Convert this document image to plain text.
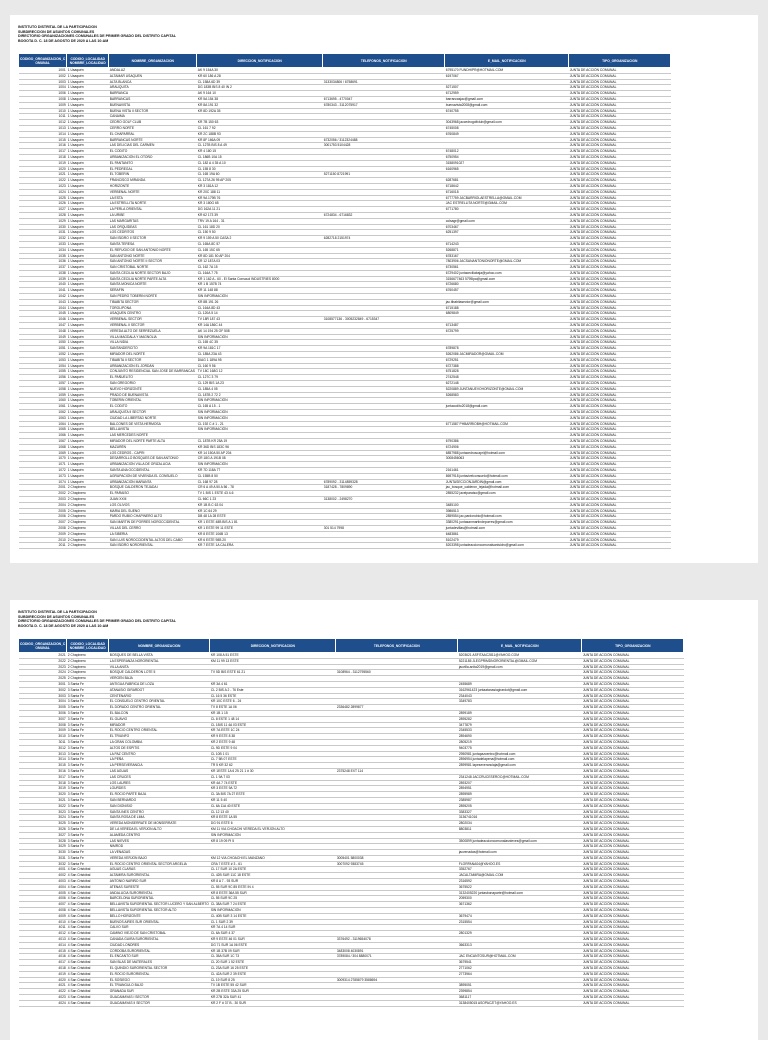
INSTITUTO DISTRITAL DE LA PARTICIPACION
SUBDIRECCION DE ASUNTOS COMUNALES
DIRECTORIO ORGANIZACIONES COMUNALES DE PRIMER GRADO DEL DISTRITO CAPITAL
BOGOTA D. C. 18 DE AGOSTO DE 2020 A LAS 10:AM
CODIGO_ORGANIZACION_C OMUNAL	CODIGO_LOCALIDAD NOMBRE_LOCALIDAD	NOMBRE_ORGANIZACION	DIRECCION_NOTIFICACION	TELEFONOS_NOTIFICACION	E_MAIL_NOTIFICACION	TIPO_ORGANIZACION
1001	1 Usaquén	ANDALUZ	AK 9 154A 30		6795170 FUNDHIPR@HOTMAIL.COM	JUNTA DE ACCIÓN COMUNAL
1002	1 Usaquén	ALTAMAR USAQUEN	KR 60 186 A 28		6197067	JUNTA DE ACCIÓN COMUNAL
1003	1 Usaquén	ALTA BLANCA	CL 158A 6D 39	3133034806 / 6758691		JUNTA DE ACCIÓN COMUNAL
1004	1 Usaquén	ARAUQUITA	DG 183B BIS 8 40 IN 2		5271507	JUNTA DE ACCIÓN COMUNAL
1006	1 Usaquén	BARRANCA	AK 9 164 10		6712959	JUNTA DE ACCIÓN COMUNAL
1008	1 Usaquén	BARRANCAS	KR 5A 154 38	6713695 - 4770047	barrancasjac@gmail.com	JUNTA DE ACCIÓN COMUNAL
1009	1 Usaquén	BUENAVISTA	KR 8A 191 32	6780343 - 3112075917	buenavista2008@gmail.com	JUNTA DE ACCIÓN COMUNAL
1010	1 Usaquén	BUENA VISTA II SECTOR	KR 8D 192A 35		6740755	JUNTA DE ACCIÓN COMUNAL
1011	1 Usaquén	CANAIMA				JUNTA DE ACCIÓN COMUNAL
1012	1 Usaquén	CEDRO GOLF CLUB	KR 7B 150 63		3043968 jaccedrogolfclub@gmail.com	JUNTA DE ACCIÓN COMUNAL
1013	1 Usaquén	CERRO NORTE	CL 161 7 92		6745008	JUNTA DE ACCIÓN COMUNAL
1014	1 Usaquén	EL CHAPARRAL	KR 2C 188B 93		6760849	JUNTA DE ACCIÓN COMUNAL
1015	1 Usaquén	BARRANCAS NORTE	KR 8F 166A 09	6732056 / 3112324488		JUNTA DE ACCIÓN COMUNAL
1016	1 Usaquén	LAS DELICIAS DEL CARMEN	CL 127B BIS 8 A 49	3001753 5104428		JUNTA DE ACCIÓN COMUNAL
1017	1 Usaquén	EL CODITO	KR 4 180 15		6748012	JUNTA DE ACCIÓN COMUNAL
1018	1 Usaquén	URBANIZACIÓN EL OTOÑO	CL 186B 10A 15		6750954	JUNTA DE ACCIÓN COMUNAL
1019	1 Usaquén	EL PANTANITO	CL 182 A 4 35 A 10		3158091027	JUNTA DE ACCIÓN COMUNAL
1020	1 Usaquén	EL PEDREGAL	CL 155 8 30		6160965	JUNTA DE ACCIÓN COMUNAL
1021	1 Usaquén	EL TOBERIN	CL 165 19A 60	5271150 8721991		JUNTA DE ACCIÓN COMUNAL
1022	1 Usaquén	FRANCISCO MIRANDA	CL 127A 26 95 AP 205		6287681	JUNTA DE ACCIÓN COMUNAL
1023	1 Usaquén	HORIZONTE	KR 3 181A 12		6718642	JUNTA DE ACCIÓN COMUNAL
1024	1 Usaquén	VERBENAL NORTE	KR 20C 188 11		6716018	JUNTA DE ACCIÓN COMUNAL
1025	1 Usaquén	LA ESTA	KR 9A 179B 76		6777759 JACBARRIOLAESTRELLA@GMAIL.COM	JUNTA DE ACCIÓN COMUNAL
1026	1 Usaquén	LA ESTRELLITA NORTE	KR 3 180G 65		JAC ESTRELLITA NORTE@GMAIL.COM	JUNTA DE ACCIÓN COMUNAL
1027	1 Usaquén	LA PERLA ORIENTAL	DG 162A 11 21		6771780	JUNTA DE ACCIÓN COMUNAL
1028	1 Usaquén	LA URIBE	KR 62 173 39	6724834 - 6716832		JUNTA DE ACCIÓN COMUNAL
1029	1 Usaquén	LAS MARGARITAS	TRV 19 A 164 - 31		colsagr@gmail.com	JUNTA DE ACCIÓN COMUNAL
1030	1 Usaquén	LAS ORQUÍDEAS	CL 161 18D 20		6703467	JUNTA DE ACCIÓN COMUNAL
1031	1 Usaquén	LOS CEDRITOS	CL 150 9 50		6251397	JUNTA DE ACCIÓN COMUNAL
1032	1 Usaquén	SAN ISIDRO II SECTOR	KR 9 159 A 50 CASA 2	6282718 2151974		JUNTA DE ACCIÓN COMUNAL
1033	1 Usaquén	SANTA TERESA	CL 165A 8C 57		6714243	JUNTA DE ACCIÓN COMUNAL
1034	1 Usaquén	EL REFUGIO DE SAN ANTONIO NORTE	CL 165 15C 65		5268871	JUNTA DE ACCIÓN COMUNAL
1035	1 Usaquén	SAN ANTONIO NORTE	KR 8D 181 50 AP 204		6783167	JUNTA DE ACCIÓN COMUNAL
1036	1 Usaquén	SAN ANTONIO NORTE II SECTOR	KR 12 187A 03		7803906 JACSANANTONIONORTE@GMAIL.COM	JUNTA DE ACCIÓN COMUNAL
1037	1 Usaquén	SAN CRISTOBAL NORTE	CL 162 7A 15		6730561	JUNTA DE ACCIÓN COMUNAL
1038	1 Usaquén	SANTA CECILIA NORTE SECTOR BAJO	CL 164A 7 75		6729402 juntaceciliabaja@yahoo.com	JUNTA DE ACCIÓN COMUNAL
1039	1 Usaquén	SANTA CECILIA NORTE PARTE ALTA	KR 1 162 A - 60 - El Santa Conscud INDUSTRIES 8000		3156677463 5795lpa@gmail.com	JUNTA DE ACCIÓN COMUNAL
1040	1 Usaquén	SANTA MONICA NORTE	KR 1 B 157B 74		6726680	JUNTA DE ACCIÓN COMUNAL
1041	1 Usaquén	SERAFÍN	KR 11 148 88		6760457	JUNTA DE ACCIÓN COMUNAL
1042	1 Usaquén	SAN PEDRO TOBERIN NORTE	SIN INFORMACIÓN			JUNTA DE ACCIÓN COMUNAL
1043	1 Usaquén	TIBABITA SECTOR	KR 8B 191 26		jac.tibabitasector@gmail.com	JUNTA DE ACCIÓN COMUNAL
1044	1 Usaquén	TOROLIPONA	CL 164A 8D 43		6715188	JUNTA DE ACCIÓN COMUNAL
1045	1 Usaquén	USAQUEN CENTRO	CL 120A 5 14		6809849	JUNTA DE ACCIÓN COMUNAL
1046	1 Usaquén	VERBENAL SECTOR	TV 18R 187 43	3108577136 - 3005232849 - 6715347		JUNTA DE ACCIÓN COMUNAL
1047	1 Usaquén	VERBENAL II SECTOR	KR 14A 186C 44		6713487	JUNTA DE ACCIÓN COMUNAL
1048	1 Usaquén	VEREDA ALTO DE SERREZUELA	AK 14 194 25 OF 508		6725799	JUNTA DE ACCIÓN COMUNAL
1049	1 Usaquén	VILLA MAGDALA Y MAGNOLIA	SIN INFORMACIÓN			JUNTA DE ACCIÓN COMUNAL
1050	1 Usaquén	VILLA NIDIA	CL 165 4C 35			JUNTA DE ACCIÓN COMUNAL
1051	1 Usaquén	SANTANDERCITO	KR 9A 181C 17		6789878	JUNTA DE ACCIÓN COMUNAL
1052	1 Usaquén	MIRADOR DEL NORTE	CL 185A 23A 43		5262086 JACMIRADOR@GMAIL.COM	JUNTA DE ACCIÓN COMUNAL
1053	1 Usaquén	TIBABITA II SECTOR	DIAG 1 189A 95		6729251	JUNTA DE ACCIÓN COMUNAL
1054	1 Usaquén	URBANIZACIÓN EL JORDÁN	CL 160 9 56		6727388	JUNTA DE ACCIÓN COMUNAL
1055	1 Usaquén	CONJUNTO RESIDENCIAL SAN JOSE DE BARRANCAS	TV 18C 168G 12		6751828	JUNTA DE ACCIÓN COMUNAL
1056	1 Usaquén	EL PAÑUELITO	CL 127C 3 79		2742548	JUNTA DE ACCIÓN COMUNAL
1057	1 Usaquén	SAN GREGORIO	CL 129 BIS 1A 23		6272148	JUNTA DE ACCIÓN COMUNAL
1058	1 Usaquén	NUEVO HORIZONTE	CL 185A 4 05		5220889 JUNTANUEVOHORIZONTE@GMAIL.COM	JUNTA DE ACCIÓN COMUNAL
1059	1 Usaquén	PRADO DE BUENAVISTA	CL 187B 2 72 2		5268583	JUNTA DE ACCIÓN COMUNAL
1060	1 Usaquén	TOBERIN ORIENTAL	SIN INFORMACIÓN			JUNTA DE ACCIÓN COMUNAL
1061	1 Usaquén	EL CODITO	CL 165 A 15 - 1		juntacodito2018@gmail.com	JUNTA DE ACCIÓN COMUNAL
1062	1 Usaquén	ARAUQUITA II SECTOR	SIN INFORMACIÓN			JUNTA DE ACCIÓN COMUNAL
1063	1 Usaquén	CIUDAD LA LIBERTAD NORTE	SIN INFORMACIÓN			JUNTA DE ACCIÓN COMUNAL
1064	1 Usaquén	BALCONES DE VISTA HERMOSA	CL 192 C # 1 - 21		6771587 PHBARRIOBH@HOTMAIL.COM	JUNTA DE ACCIÓN COMUNAL
1065	1 Usaquén	BELLAVISTA	SIN INFORMACIÓN			JUNTA DE ACCIÓN COMUNAL
1066	1 Usaquén	LAS MERCEDES NORTE				JUNTA DE ACCIÓN COMUNAL
1067	1 Usaquén	MIRADOR DEL NORTE PARTE ALTA	CL 187B KR 25A 19		6790386	JUNTA DE ACCIÓN COMUNAL
1068	1 Usaquén	MAZURÉN	KR 36D BIS 183C 96		6724906	JUNTA DE ACCIÓN COMUNAL
1069	1 Usaquén	LOS CEDROS - CAPRI	KR 14 150A 50 AP 204		6857988 juntacedroscapri@hotmail.com	JUNTA DE ACCIÓN COMUNAL
1070	1 Usaquén	DESARROLLO BOSQUES DE SAN ANTONIO	CR 18G A 191B 08		3008456063	JUNTA DE ACCIÓN COMUNAL
1071	1 Usaquén	URBANIZACION VILLA DE ORIZALUCIA	SIN INFORMACIÓN			JUNTA DE ACCIÓN COMUNAL
1072	1 Usaquén	SANTA ANA OCCIDENTAL	KR 7D 118A 77		2161461	JUNTA DE ACCIÓN COMUNAL
1073	1 Usaquén	AGRUPACION DE VIVIENDA EL CONSUELO	CL 155B 8 50		8697918 juntavivelconsuelo@hotmail.com	JUNTA DE ACCIÓN COMUNAL
1074	1 Usaquén	URBANIZACIÓN MARANTA	CL 168 97 28	6789092 - 3114859328	JUNTASECCIONJARDIN@gmail.com	JUNTA DE ACCIÓN COMUNAL
2001	2 Chapinero	BOSQUE CALDERON TEJADA I	CR 6 A 49 A 50 A 56 - 78	3187428 - 7809890	jac_bosque_calderon_tejada@hotmail.com	JUNTA DE ACCIÓN COMUNAL
2002	2 Chapinero	EL PARAISO	TV 1 BIS 1 ESTE 43 4-6		2855232 jacelparaiso@gmail.com	JUNTA DE ACCIÓN COMUNAL
2003	2 Chapinero	JUAN XXIII	CL 66C 1 23	3138002 - 2498270		JUNTA DE ACCIÓN COMUNAL
2004	2 Chapinero	LOS OLIVOS	KR 1B B C 63 04		3485100	JUNTA DE ACCIÓN COMUNAL
2005	2 Chapinero	MARIA DEL SUENO	KR 1C 64 29		3986513	JUNTA DE ACCIÓN COMUNAL
2006	2 Chapinero	PARDO RUBIO CHAPINERO ALTO	DB 48 1A 28 ESTE		2859554 jac.pardorubio@hotmail.com	JUNTA DE ACCIÓN COMUNAL
2007	2 Chapinero	SAN MARTIN DE PORRES NOROCCIDENTAL	KR 1 ESTE 48B BIS A 1 81		3380291 juntasanmartindeporres@gmail.com	JUNTA DE ACCIÓN COMUNAL
2008	2 Chapinero	VILLAS DEL CERRO	KR 1 ESTE 99 11 ESTE	301 514 7998	juntadevillas@hotmail.com	JUNTA DE ACCIÓN COMUNAL
2009	2 Chapinero	LA SIBERIA	KR 8 ESTE 106B 13		6483861	JUNTA DE ACCIÓN COMUNAL
2010	2 Chapinero	SAN LUIS NOROCCIDENTAL ALTOS DEL CABO	KR 6 ESTE 98B 20		5102479	JUNTA DE ACCIÓN COMUNAL
2011	2 Chapinero	SAN ISIDRO NORORIENTAL	KR 7 ESTE 1A CALERA		5203398 juntadeaccioncomunalsanisidro@gmail.com	JUNTA DE ACCIÓN COMUNAL
INSTITUTO DISTRITAL DE LA PARTICIPACION
SUBDIRECCION DE ASUNTOS COMUNALES
DIRECTORIO ORGANIZACIONES COMUNALES DE PRIMER GRADO DEL DISTRITO CAPITAL
BOGOTA D. C. 18 DE AGOSTO DE 2020 A LAS 10:AM
CODIGO_ORGANIZACION_C OMUNAL	CODIGO_LOCALIDAD NOMBRE_LOCALIDAD	NOMBRE_ORGANIZACION	DIRECCION_NOTIFICACION	TELEFONOS_NOTIFICACION	E_MAIL_NOTIFICACION	TIPO_ORGANIZACION
2021	2 Chapinero	BOSQUES DE BELLA VISTA	KR 108 A 51 ESTE		5203621 ASFITAAC2811@YAHOO.COM	JUNTA DE ACCIÓN COMUNAL
2022	2 Chapinero	LA ESPERANZA NORORIENTAL	KM 11 99 13 ESTE		5221185 JLEGPRIMDNORORIENTAL@GMAIL.COM	JUNTA DE ACCIÓN COMUNAL
2023	2 Chapinero	VILLA ANITA			jacvilla.anita2019@gmail.com	JUNTA DE ACCIÓN COMUNAL
2024	2 Chapinero	BOSQUE CALDERON LOTE 5	TV 5D BIS ESTE 61 21	3108964 - 3112795560		JUNTA DE ACCIÓN COMUNAL
2025	2 Chapinero	VERGEN BAJA				JUNTA DE ACCIÓN COMUNAL
3001	3 Santa Fe	ANTIGUA FABRICA DE LOZA	KR 3A 4 61		2455689	JUNTA DE ACCIÓN COMUNAL
3002	3 Santa Fe	ATANASIO GIRARDOT	CL 2 BIS A 2 - 76 Este		3162961423 juntaatanasiogirardot@gmail.com	JUNTA DE ACCIÓN COMUNAL
3003	3 Santa Fe	CENTENARIO	CL 16 5 36 ESTE		2344043	JUNTA DE ACCIÓN COMUNAL
3004	3 Santa Fe	EL CONSUELO CENTRO ORIENTAL	KR 10C ESTE 6 - 24		3349783	JUNTA DE ACCIÓN COMUNAL
3005	3 Santa Fe	EL DORADO CENTRO ORIENTAL	TV 8 ESTE 1A 06	2336482 2899877		JUNTA DE ACCIÓN COMUNAL
3006	3 Santa Fe	EL BALCON	KR 1B 1 15		2899189	JUNTA DE ACCIÓN COMUNAL
3007	3 Santa Fe	EL GUAVIO	CL 8 ESTE 1 48 14		2895282	JUNTA DE ACCIÓN COMUNAL
3008	3 Santa Fe	MIRADOR	CL 1BIS 11 4A 03 ESTE		3477879	JUNTA DE ACCIÓN COMUNAL
3009	3 Santa Fe	EL ROCIO CENTRO ORIENTAL	KR 7A ESTE 1C 24		2345533	JUNTA DE ACCIÓN COMUNAL
3010	3 Santa Fe	EL TRIUNFO	KR 9 ESTE 8 38		2894690	JUNTA DE ACCIÓN COMUNAL
3011	3 Santa Fe	LA GRAN COLOMBIA	KR 2 ESTE 9 48		2805219	JUNTA DE ACCIÓN COMUNAL
3012	3 Santa Fe	ALTOS DE ESPITIS	CL 9D ESTE 9 04		9403775	JUNTA DE ACCIÓN COMUNAL
3013	3 Santa Fe	LA PAZ CENTRO	CL 10B 1 01		2950981 juntapazcentro@hotmail.com	JUNTA DE ACCIÓN COMUNAL
3014	3 Santa Fe	LA PEÑA	CL 7 5B 07 ESTE		2896954 juntadelapena@hotmail.com	JUNTA DE ACCIÓN COMUNAL
3015	3 Santa Fe	LA PERSEVERANCIA	TR 5 KR 32 62		2899981 lapeseveranciaja@gmail.com	JUNTA DE ACCIÓN COMUNAL
3016	3 Santa Fe	LAS AGUAS	KR 1ESTE 1A 6 25 21 1 # 30	2375248 EXT 114		JUNTA DE ACCIÓN COMUNAL
3017	3 Santa Fe	LAS CRUCES	CL 1 9A 7 03		2341248 JACCRUCESEROC@HOTMAIL.COM	JUNTA DE ACCIÓN COMUNAL
3018	3 Santa Fe	LOS LAURES	KR 4A 7 74 ESTE		2893207	JUNTA DE ACCIÓN COMUNAL
3019	3 Santa Fe	LOURDES	KR 3 ESTE 9A 72		2894951	JUNTA DE ACCIÓN COMUNAL
3020	3 Santa Fe	EL ROCIO PARTE BAJA	CL 3A BIS 7A 27 ESTE		2895989	JUNTA DE ACCIÓN COMUNAL
3021	3 Santa Fe	SAN BERNARDO	KR 11 5 40		2385987	JUNTA DE ACCIÓN COMUNAL
3022	3 Santa Fe	SAN DIONISIO	CL 6A 11A 40 ESTE		2895205	JUNTA DE ACCIÓN COMUNAL
3023	3 Santa Fe	SANTA INES CENTRO	CL 12 13 40		3383327	JUNTA DE ACCIÓN COMUNAL
3024	3 Santa Fe	SANTA ROSA DE LIMA	KR 8 ESTE 1A 55		3136741016	JUNTA DE ACCIÓN COMUNAL
3025	3 Santa Fe	VEREDA MONSERRATE DE MONSERRATE	DG 91 ESTE 6		2802034	JUNTA DE ACCIÓN COMUNAL
3026	3 Santa Fe	DE LA VEREDA EL VERJON ALTO	KM 11 VIA CHOACHI VEREDA EL VERJON ALTO		8803811	JUNTA DE ACCIÓN COMUNAL
3027	3 Santa Fe	ALAMEDA CENTRO	SIN INFORMACIÓN			JUNTA DE ACCIÓN COMUNAL
3028	3 Santa Fe	LAS NIEVES	KR 8 19 09 PI 5		3500899 juntadeaccioncomunalasnieves@gmail.com	JUNTA DE ACCIÓN COMUNAL
3029	3 Santa Fe	NIMROD				JUNTA DE ACCIÓN COMUNAL
3030	3 Santa Fe	LA VENADAS			jacvenadas@hotmail.com	JUNTA DE ACCIÓN COMUNAL
3031	3 Santa Fe	VEREDA VERJON BAJO	KM 12 VIA CHOACHI EL MANZANO	3005401 5800038		JUNTA DE ACCIÓN COMUNAL
3032	3 Santa Fe	EL ROCIO CENTRO ORIENTAL SECTOR ARGELIA	CRA 7 ESTE # 3 - 61	3007092 9383745	FLORPANA04@YAHOO.ES	JUNTA DE ACCIÓN COMUNAL
4001	4 San Cristóbal	AGUAS CLARAS	CL 17 SUR 10 2A ESTE		3352767	JUNTA DE ACCIÓN COMUNAL
4002	4 San Cristóbal	ALTAMIRA SURORIENTAL	CL 42B SUR 11C 18 ESTE		JACALTAMIRA@GMAIL.COM	JUNTA DE ACCIÓN COMUNAL
4003	4 San Cristóbal	ANTONIO NARIÑO SUR	KR 8 A 7 - 93 SUR		2316592	JUNTA DE ACCIÓN COMUNAL
4004	4 San Cristóbal	ATENAS SURESTE	CL 55 SUR 9C 85 ESTE IN 4		3675522	JUNTA DE ACCIÓN COMUNAL
4005	4 San Cristóbal	ANDALUCIA SURORIENTAL	KR 8 ESTE 36A 55 SUR		3132405220 juntasbonaparte@hotmail.com	JUNTA DE ACCIÓN COMUNAL
4006	4 San Cristóbal	BARCELONA SURORIENTAL	CL 55 SUR 9C 25		2059300	JUNTA DE ACCIÓN COMUNAL
4007	4 San Cristóbal	BELLAVISTA SURORIENTAL SECTOR LUCERO Y SAN ALBERTO	CL 38A SUR 7 24 ESTE		3671362	JUNTA DE ACCIÓN COMUNAL
4008	4 San Cristóbal	BELLAVISTA SURORIENTAL SECTOR ALTO	SIN INFORMACIÓN			JUNTA DE ACCIÓN COMUNAL
4009	4 San Cristóbal	BELLO HORIZONTE	CL 40B SUR 3 14 ESTE		3679474	JUNTA DE ACCIÓN COMUNAL
4010	4 San Cristóbal	BUENOS AIRES SUR ORIENTAL	CL 1 SUR 2 39		2315554	JUNTA DE ACCIÓN COMUNAL
4011	4 San Cristóbal	CALVO SUR	KR 7A 4 14 SUR			JUNTA DE ACCIÓN COMUNAL
4012	4 San Cristóbal	CAMINO VIEJO DE SAN CRISTOBAL	CL 6A SUR 4 37		2801329	JUNTA DE ACCIÓN COMUNAL
4013	4 San Cristóbal	CANADA GUIRA SURORIENTAL	KR 9 ESTE 46 01 SUR	3376492 - 3119654078		JUNTA DE ACCIÓN COMUNAL
4014	4 San Cristóbal	CIUDAD LONDRES	DG 71 SUR 1A 06 ESTE		3663313	JUNTA DE ACCIÓN COMUNAL
4015	4 San Cristóbal	CORDOBA SURORIENTAL	KR 1B 37B 09 SUR	3483008 4030891		JUNTA DE ACCIÓN COMUNAL
4016	4 San Cristóbal	EL ENCANTO SUR	CL 35A SUR 1C 73	3789084 / 304 8880071	JAC ENCANTOSUR@HOTMAIL.COM	JUNTA DE ACCIÓN COMUNAL
4017	4 San Cristóbal	SAN BLAS DE MATERALES	CL 20 SUR 1 52 ESTE		3679541	JUNTA DE ACCIÓN COMUNAL
4018	4 San Cristóbal	EL QUINDIO SURORIENTAL SECTOR	CL 23A SUR 16 25 ESTE		2771062	JUNTA DE ACCIÓN COMUNAL
4019	4 San Cristóbal	EL ROCIO SURORIENTAL	CL 42A SUR 2 39 ESTE		2773964	JUNTA DE ACCIÓN COMUNAL
4020	4 San Cristóbal	EL SOSIEGO	CL 19 SUR 8 25	3009314 2785879 3588694		JUNTA DE ACCIÓN COMUNAL
4021	4 San Cristóbal	EL TRIANGULO BAJO	TV 1B ESTE 55 42 SUR		3895051	JUNTA DE ACCIÓN COMUNAL
4022	4 San Cristóbal	GRANADA SUR	KR 2B ESTE 33A 25 SUR		2399854	JUNTA DE ACCIÓN COMUNAL
4023	4 San Cristóbal	GUACAMAYAS I SECTOR	KR 27B 32A SUR 41		3681117	JUNTA DE ACCIÓN COMUNAL
4024	4 San Cristóbal	GUACAMAYAS II SECTOR	KR 2 F # 37 B - 30 SUR		3138405015 ASOPACZ!T@YAHOO.ES	JUNTA DE ACCIÓN COMUNAL
